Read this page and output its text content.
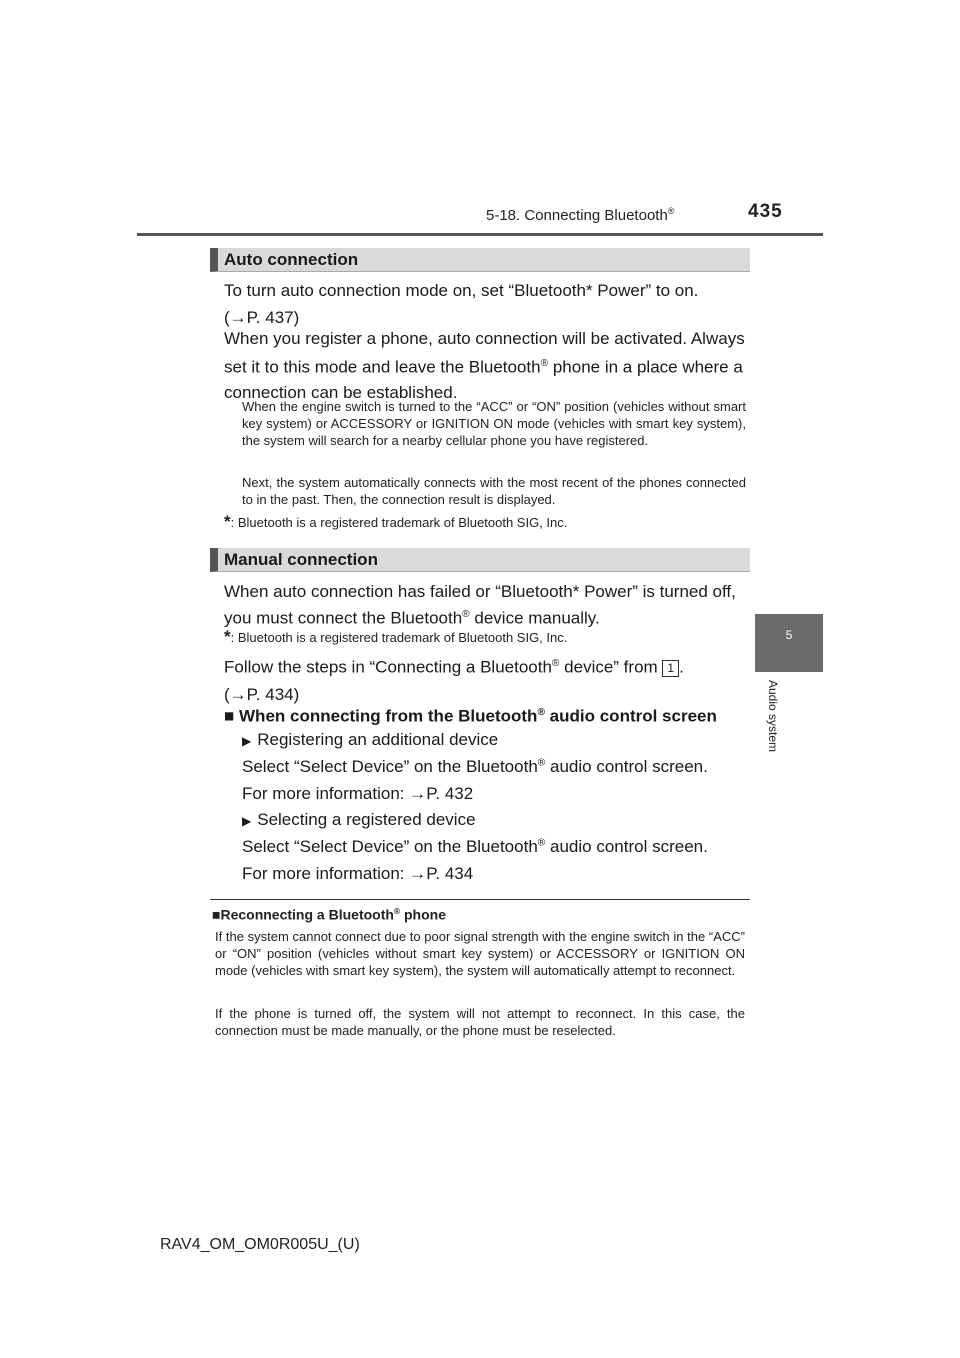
5-18. Connecting Bluetooth®	435
5
Audio system
Auto connection
To turn auto connection mode on, set “Bluetooth* Power” to on.
(→P. 437)
When you register a phone, auto connection will be activated. Always
set it to this mode and leave the Bluetooth® phone in a place where a
connection can be established.
When the engine switch is turned to the “ACC” or “ON” position (vehicles without smart key system) or ACCESSORY or IGNITION ON mode (vehicles with smart key system), the system will search for a nearby cellular phone you have registered.
Next, the system automatically connects with the most recent of the phones connected to in the past. Then, the connection result is displayed.
*: Bluetooth is a registered trademark of Bluetooth SIG, Inc.
Manual connection
When auto connection has failed or “Bluetooth* Power” is turned off,
you must connect the Bluetooth® device manually.
*: Bluetooth is a registered trademark of Bluetooth SIG, Inc.
Follow the steps in “Connecting a Bluetooth® device” from 1 .
(→P. 434)
■ When connecting from the Bluetooth® audio control screen
▶ Registering an additional device
Select “Select Device” on the Bluetooth® audio control screen.
For more information: →P. 432
▶ Selecting a registered device
Select “Select Device” on the Bluetooth® audio control screen.
For more information: →P. 434
■Reconnecting a Bluetooth® phone
If the system cannot connect due to poor signal strength with the engine switch in the “ACC” or “ON” position (vehicles without smart key system) or ACCESSORY or IGNITION ON mode (vehicles with smart key system), the system will automatically attempt to reconnect.
If the phone is turned off, the system will not attempt to reconnect. In this case, the connection must be made manually, or the phone must be reselected.
RAV4_OM_OM0R005U_(U)
